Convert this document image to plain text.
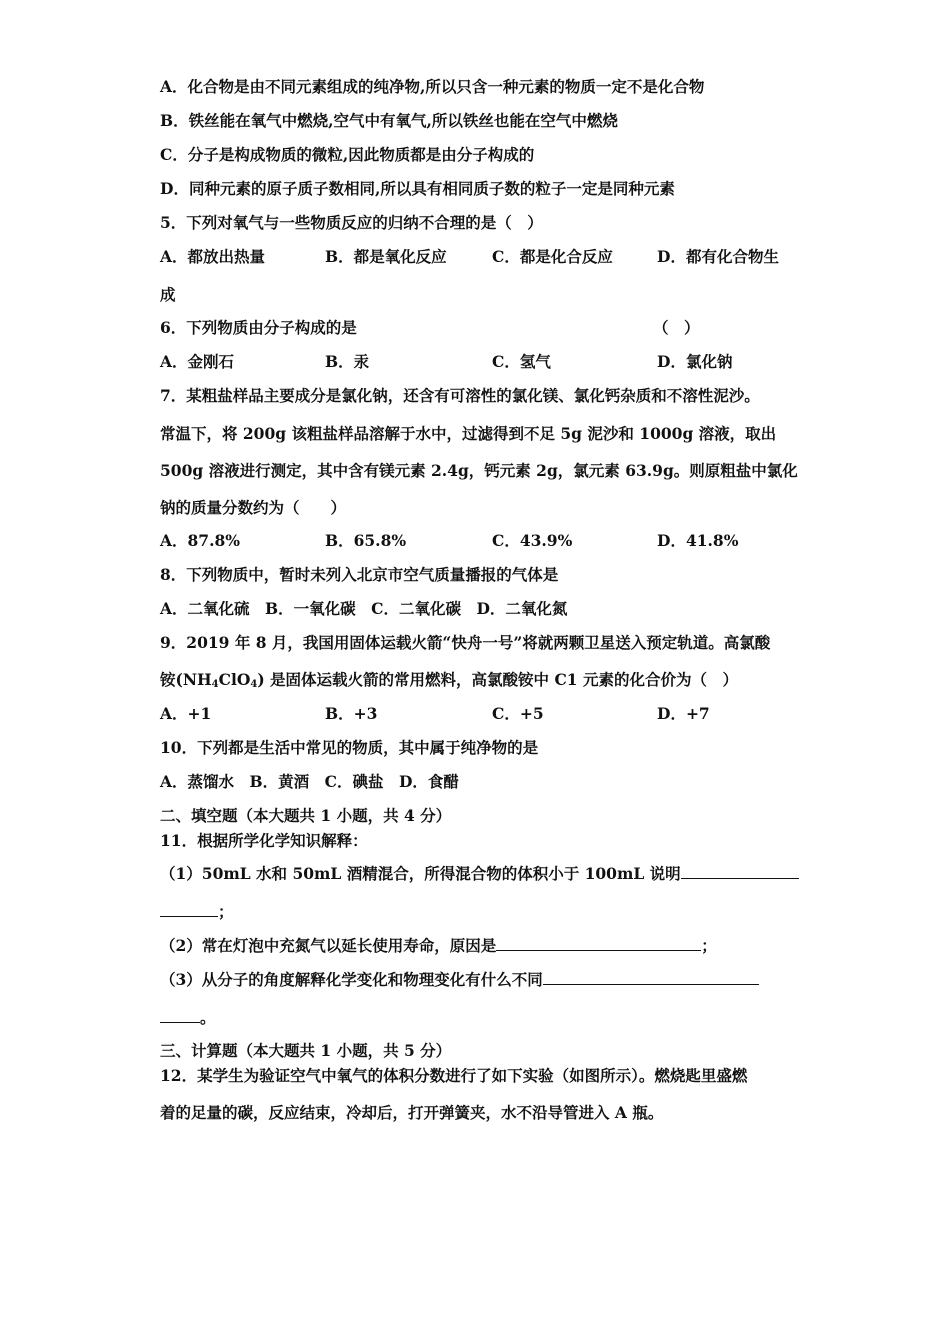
A．化合物是由不同元素组成的纯净物,所以只含一种元素的物质一定不是化合物
B．铁丝能在氧气中燃烧,空气中有氧气,所以铁丝也能在空气中燃烧
C．分子是构成物质的微粒,因此物质都是由分子构成的
D．同种元素的原子质子数相同,所以具有相同质子数的粒子一定是同种元素
5．下列对氧气与一些物质反应的归纳不合理的是（　）
A．都放出热量	B．都是氧化反应	C．都是化合反应	D．都有化合物生
成
6．下列物质由分子构成的是	（　）
A．金刚石	B．汞	C．氢气	D．氯化钠
7．某粗盐样品主要成分是氯化钠，还含有可溶性的氯化镁、氯化钙杂质和不溶性泥沙。
常温下，将 200g 该粗盐样品溶解于水中，过滤得到不足 5g 泥沙和 1000g 溶液，取出
500g 溶液进行测定，其中含有镁元素 2.4g，钙元素 2g，氯元素 63.9g。则原粗盐中氯化
钠的质量分数约为（　　）
A．87.8%	B．65.8%	C．43.9%	D．41.8%
8．下列物质中，暂时未列入北京市空气质量播报的气体是
A．二氧化硫　B．一氧化碳　C．二氧化碳　D．二氧化氮
9．2019 年 8 月，我国用固体运载火箭“快舟一号”将就两颗卫星送入预定轨道。高氯酸
铵$(NH_4ClO_4)$ 是固体运载火箭的常用燃料，高氯酸铵中 C1 元素的化合价为（　）
A．+1	B．+3	C．+5	D．+7
10．下列都是生活中常见的物质，其中属于纯净物的是
A．蒸馏水　B．黄酒　C．碘盐　D．食醋
二、填空题（本大题共 1 小题，共 4 分）
11．根据所学化学知识解释：
（1）50mL 水和 50mL 酒精混合，所得混合物的体积小于 100mL 说明
；
（2）常在灯泡中充氮气以延长使用寿命，原因是	；
（3）从分子的角度解释化学变化和物理变化有什么不同
。
三、计算题（本大题共 1 小题，共 5 分）
12．某学生为验证空气中氧气的体积分数进行了如下实验（如图所示）。燃烧匙里盛燃
着的足量的碳，反应结束，冷却后，打开弹簧夹，水不沿导管进入 A 瓶。
